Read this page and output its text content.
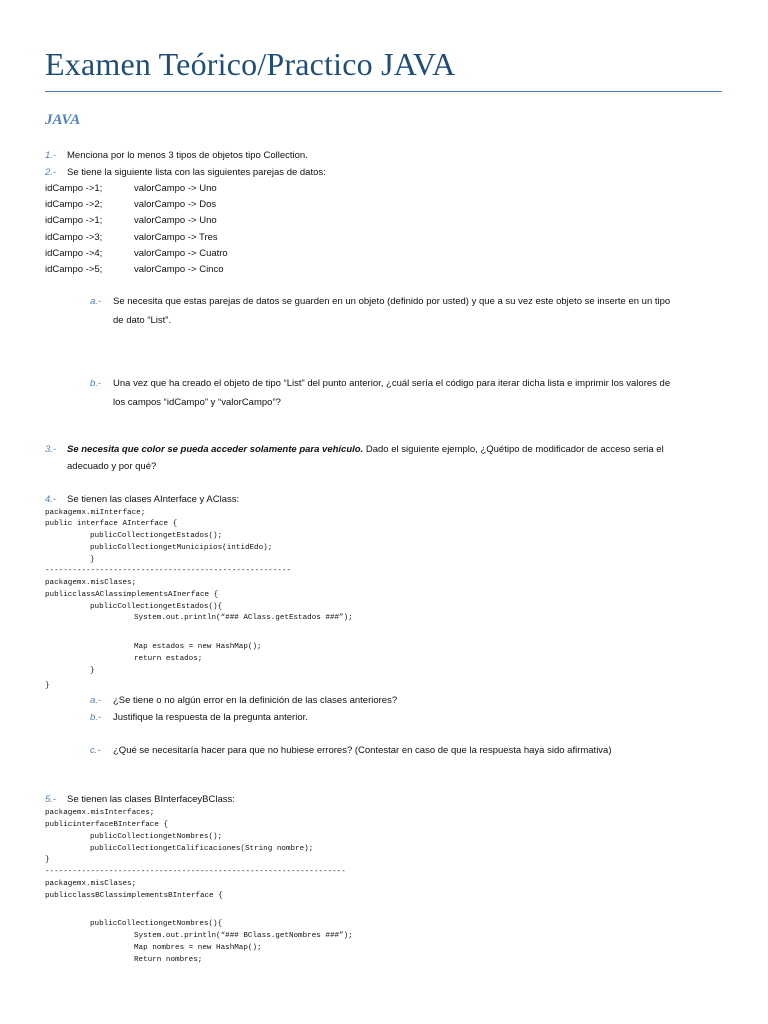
Examen Teórico/Practico JAVA
JAVA
1.- Menciona por lo menos 3 tipos de objetos tipo Collection.
2.- Se tiene la siguiente lista con las siguientes parejas de datos:
idCampo ->1;	valorCampo -> Uno
idCampo ->2;	valorCampo -> Dos
idCampo ->1;	valorCampo -> Uno
idCampo ->3;	valorCampo -> Tres
idCampo ->4;	valorCampo -> Cuatro
idCampo ->5;	valorCampo -> Cinco
a.- Se necesita que estas parejas de datos se guarden en un objeto (definido por usted) y que a su vez este objeto se inserte en un tipo
de dato “List”.
b.- Una vez que ha creado el objeto de tipo “List” del punto anterior, ¿cuál sería el código para iterar dicha lista e imprimir los valores de
los campos “idCampo” y “valorCampo”?
3.- Se necesita que color se pueda acceder solamente para vehículo. Dado el siguiente ejemplo, ¿Quétipo de modificador de acceso seria el
adecuado y por qué?
4.- Se tienen las clases AInterface y AClass:
packagemx.miInterface;
public interface AInterface {
publicCollectiongetEstados();
publicCollectiongetMunicipios(intidEdo);
}
------------------------------------------------------
packagemx.misClases;
publicclassAClassimplementsAInerface {
publicCollectiongetEstados(){
System.out.println(“### AClass.getEstados ###”);
Map estados = new HashMap();
return estados;
}
}
a.- ¿Se tiene o no algún error en la definición de las clases anteriores?
b.- Justifique la respuesta de la pregunta anterior.
c.- ¿Qué se necesitaría hacer para que no hubiese errores? (Contestar en caso de que la respuesta haya sido afirmativa)
5.- Se tienen las clases BInterfaceyBClass:
packagemx.misInterfaces;
publicinterfaceBInterface {
publicCollectiongetNombres();
publicCollectiongetCalificaciones(String nombre);
}
------------------------------------------------------------------
packagemx.misClases;
publicclassBClassimplementsBInterface {
publicCollectiongetNombres(){
System.out.println(“### BClass.getNombres ###”);
Map nombres = new HashMap();
Return nombres;
